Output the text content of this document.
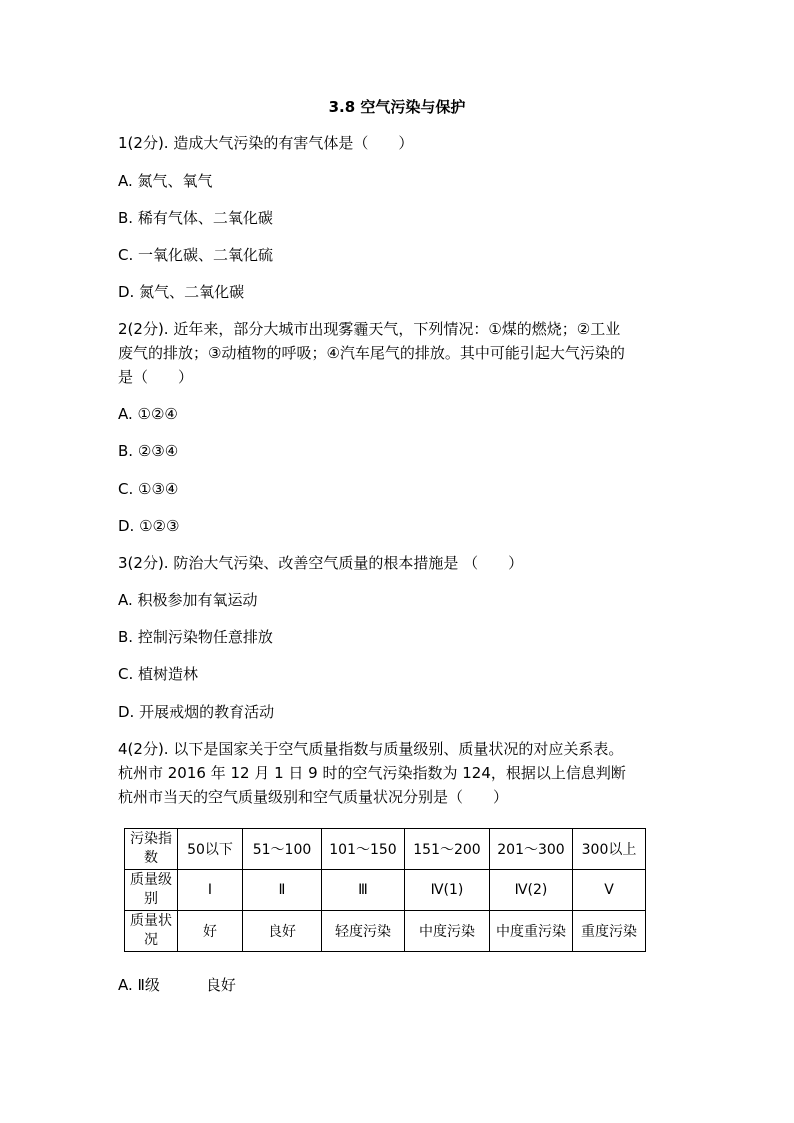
3.8 空气污染与保护
1(2分). 造成大气污染的有害气体是（　　）
A. 氮气、氧气
B. 稀有气体、二氧化碳
C. 一氧化碳、二氧化硫
D. 氮气、二氧化碳
2(2分). 近年来，部分大城市出现雾霾天气，下列情况：①煤的燃烧；②工业
废气的排放；③动植物的呼吸；④汽车尾气的排放。其中可能引起大气污染的
是（　　）
A. ①②④
B. ②③④
C. ①③④
D. ①②③
3(2分). 防治大气污染、改善空气质量的根本措施是 （　　）
A. 积极参加有氧运动
B. 控制污染物任意排放
C. 植树造林
D. 开展戒烟的教育活动
4(2分). 以下是国家关于空气质量指数与质量级别、质量状况的对应关系表。
杭州市 2016 年 12 月 1 日 9 时的空气污染指数为 124，根据以上信息判断
杭州市当天的空气质量级别和空气质量状况分别是（　　）
污染指数	50以下	51～100	101～150	151～200	201～300	300以上
质量级别	Ⅰ	Ⅱ	Ⅲ	Ⅳ(1)	Ⅳ(2)	Ⅴ
质量状况	好	良好	轻度污染	中度污染	中度重污染	重度污染
A. Ⅱ级	良好
